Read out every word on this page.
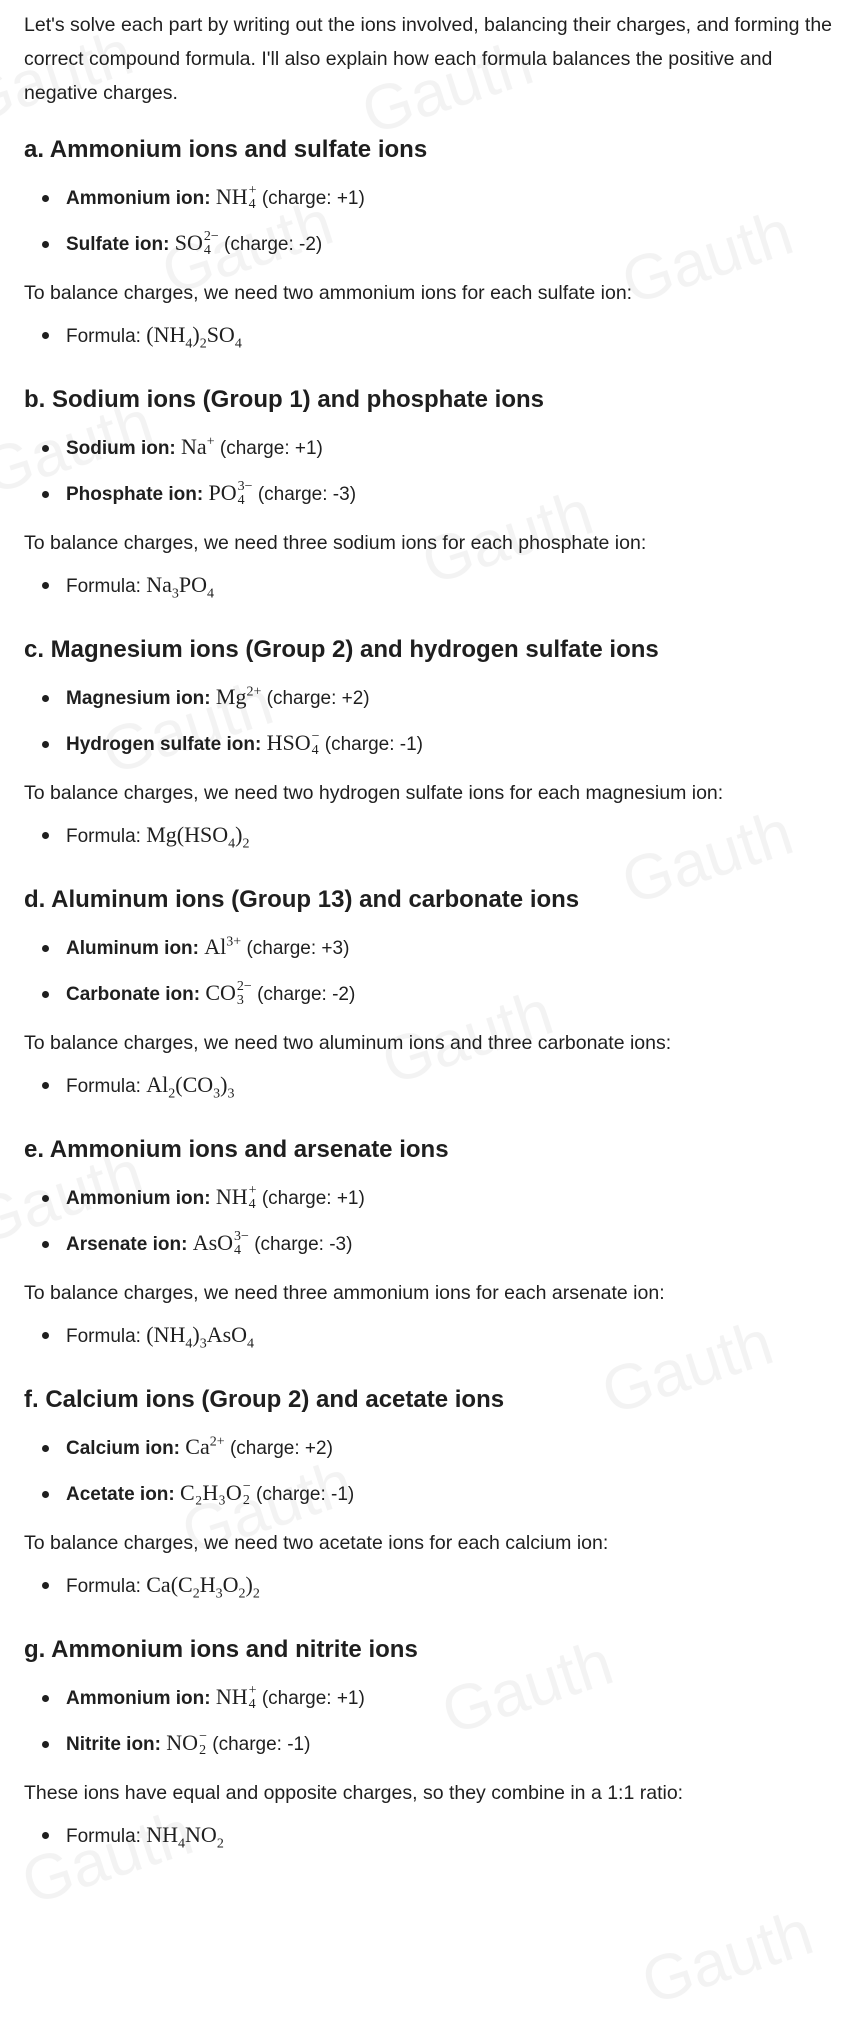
Let's solve each part by writing out the ions involved, balancing their charges, and forming the correct compound formula. I'll also explain how each formula balances the positive and negative charges.

a. Ammonium ions and sulfate ions
Ammonium ion: NH +
4 (charge: +1)
Sulfate ion: SO 2−
4 (charge: -2)

To balance charges, we need two ammonium ions for each sulfate ion:

Formula: $(NH_4)_2SO_4$
b. Sodium ions (Group 1) and phosphate ions
Sodium ion: Na+ (charge: +1)
Phosphate ion: PO 3−
4 (charge: -3)

To balance charges, we need three sodium ions for each phosphate ion:

Formula: $Na_3PO_4$
c. Magnesium ions (Group 2) and hydrogen sulfate ions
Magnesium ion: $Mg^{2+}$ (charge: +2)
Hydrogen sulfate ion: HSO −
4 (charge: -1)

To balance charges, we need two hydrogen sulfate ions for each magnesium ion:

Formula: $Mg(HSO_4)_2$
d. Aluminum ions (Group 13) and carbonate ions
Aluminum ion: $Al^{3+}$ (charge: +3)
Carbonate ion: CO 2−
3 (charge: -2)

To balance charges, we need two aluminum ions and three carbonate ions:

Formula: $Al_2(CO_3)_3$
e. Ammonium ions and arsenate ions
Ammonium ion: NH +
4 (charge: +1)
Arsenate ion: AsO 3−
4 (charge: -3)

To balance charges, we need three ammonium ions for each arsenate ion:

Formula: $(NH_4)_3AsO_4$
f. Calcium ions (Group 2) and acetate ions
Calcium ion: $Ca^{2+}$ (charge: +2)
Acetate ion: C₂H₃O −
2 (charge: -1)

To balance charges, we need two acetate ions for each calcium ion:

Formula: $Ca(C_2H_3O_2)_2$
g. Ammonium ions and nitrite ions
Ammonium ion: NH +
4 (charge: +1)
Nitrite ion: NO −
2 (charge: -1)

These ions have equal and opposite charges, so they combine in a 1:1 ratio:

Formula: $NH_4NO_2$
